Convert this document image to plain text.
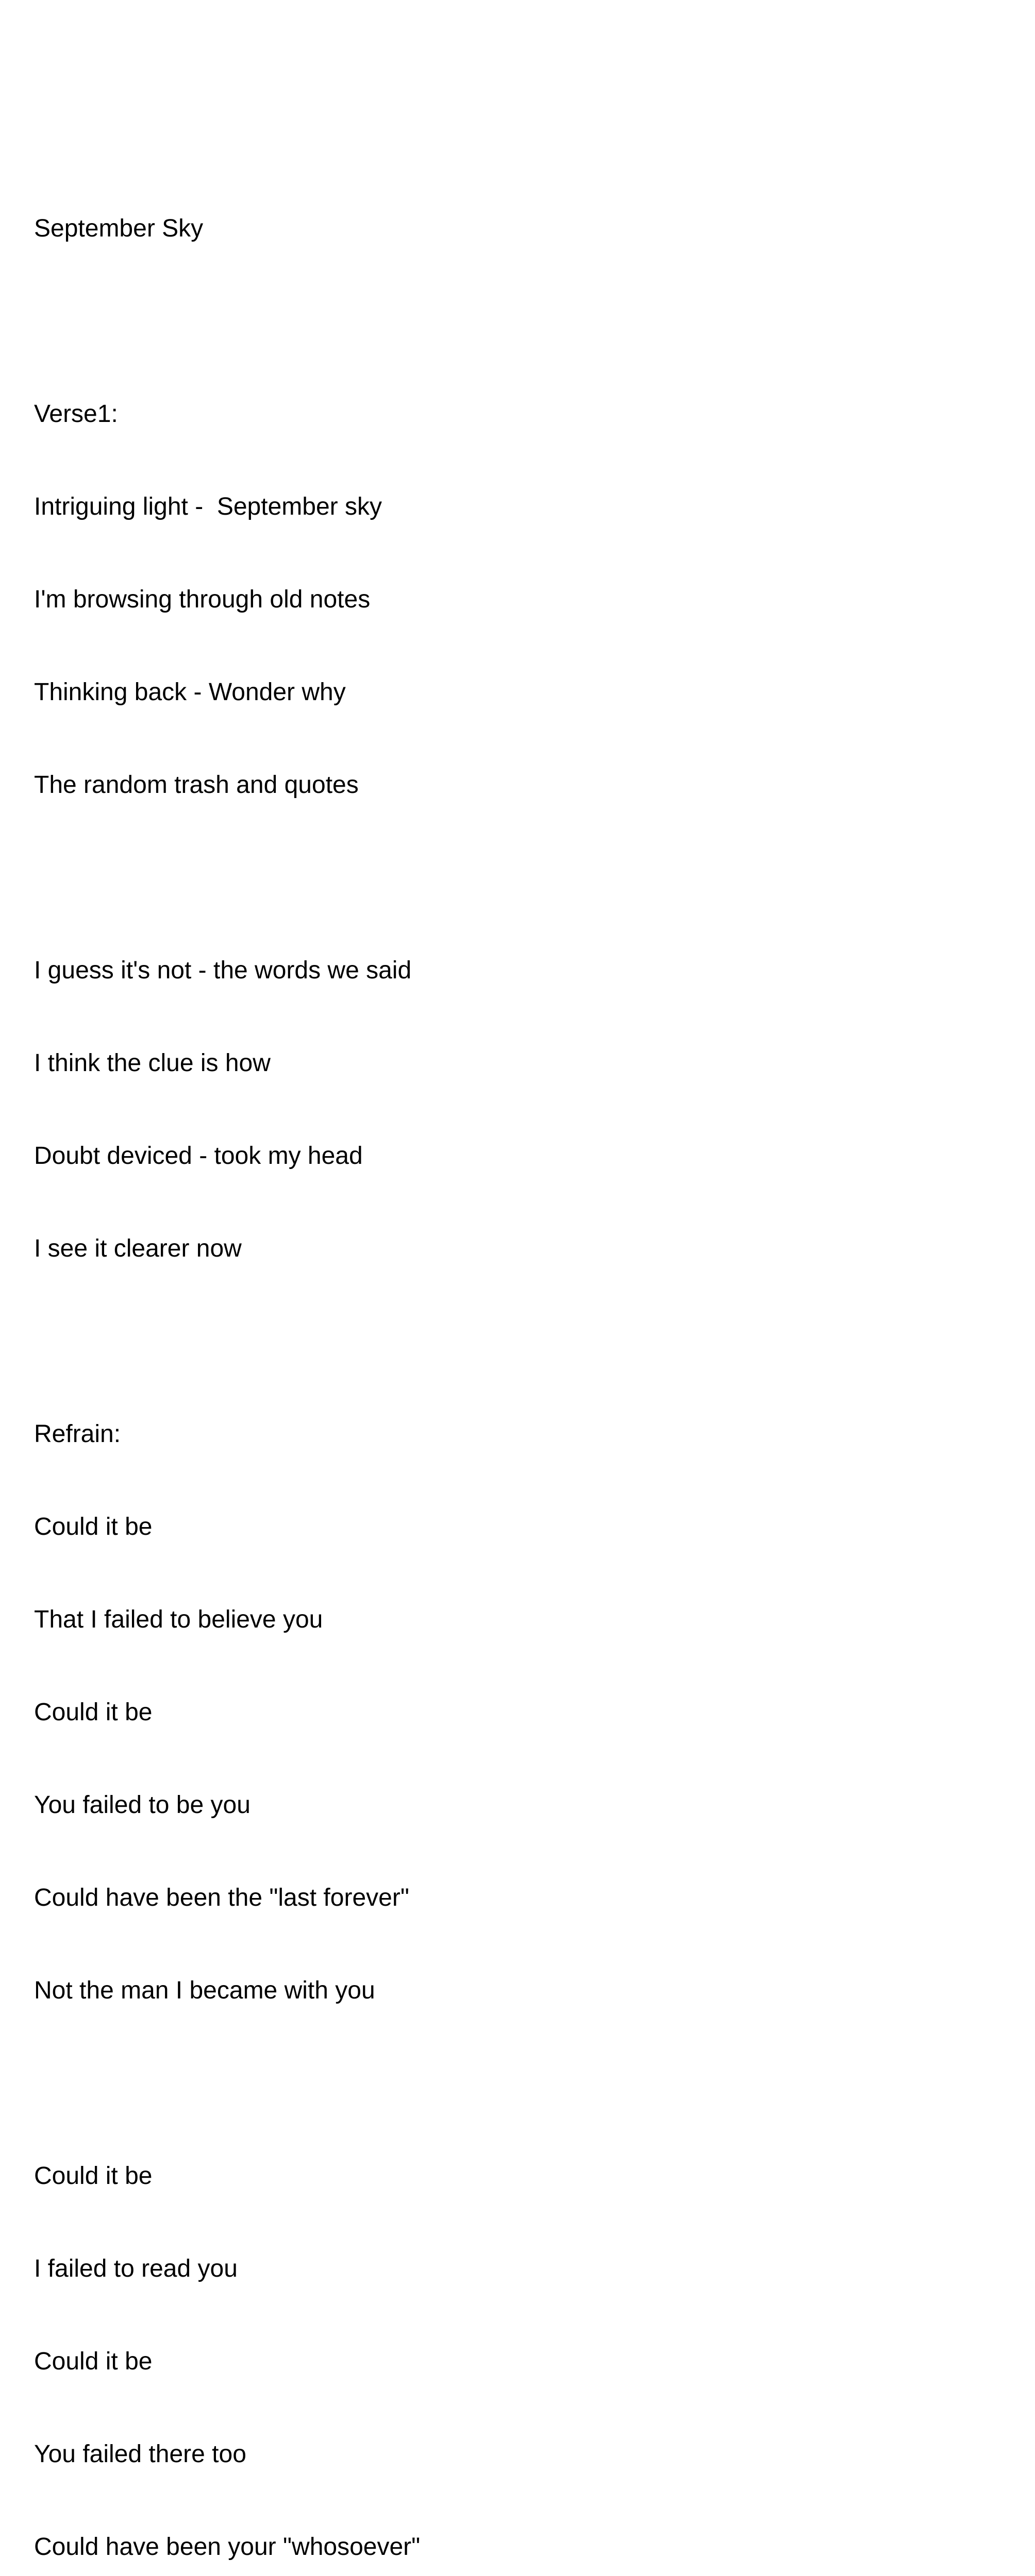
September Sky

Verse1:

Intriguing light -  September sky

I'm browsing through old notes

Thinking back - Wonder why

The random trash and quotes

I guess it's not - the words we said

I think the clue is how

Doubt deviced - took my head

I see it clearer now

Refrain:

Could it be

That I failed to believe you

Could it be

You failed to be you

Could have been the "last forever"

Not the man I became with you

Could it be

I failed to read you

Could it be

You failed there too

Could have been your "whosoever"
